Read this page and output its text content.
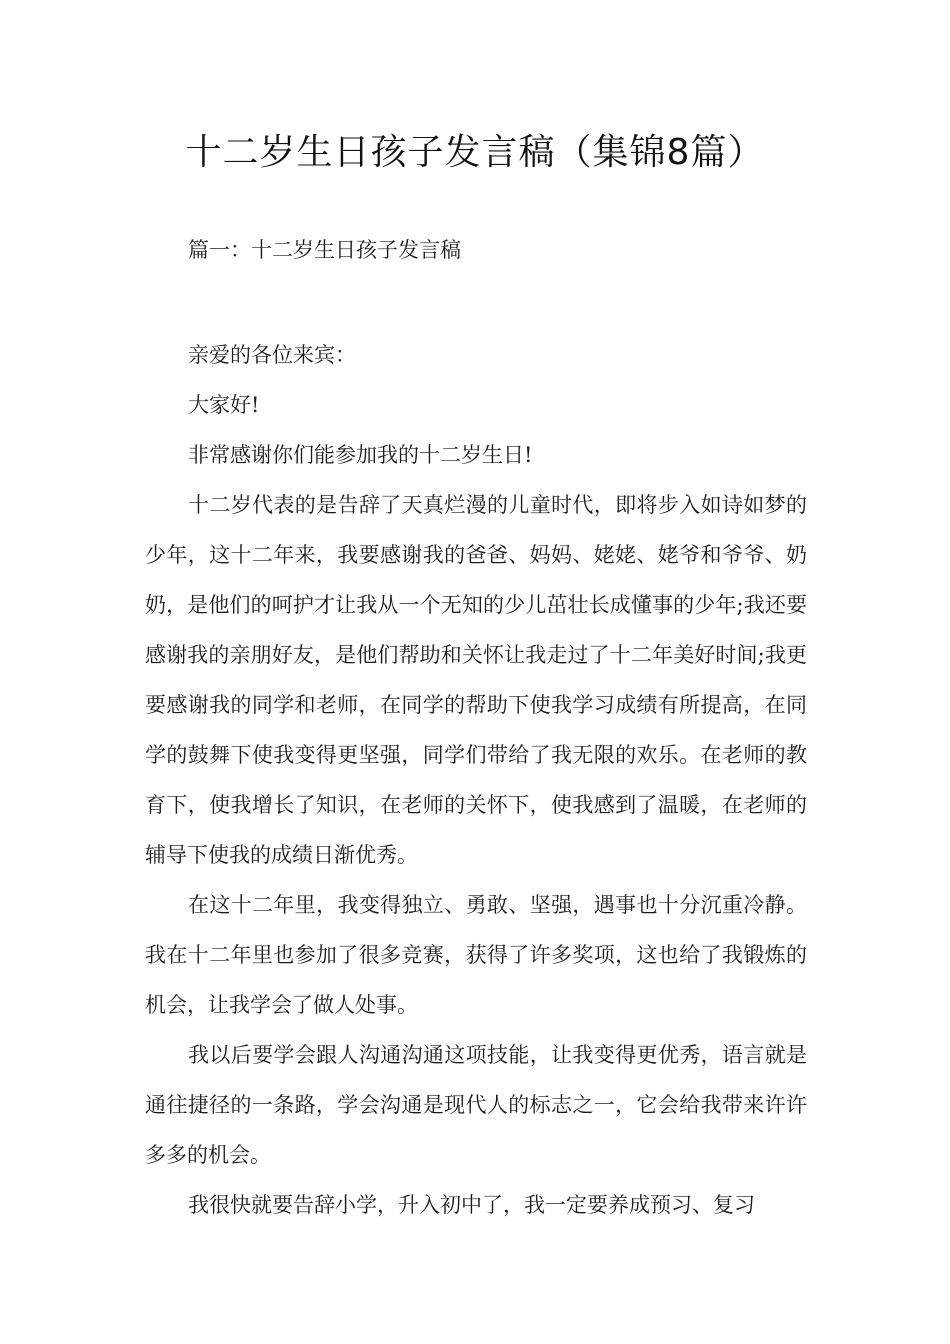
十二岁生日孩子发言稿（集锦8篇）
篇一：十二岁生日孩子发言稿

亲爱的各位来宾：

大家好!

非常感谢你们能参加我的十二岁生日!

十二岁代表的是告辞了天真烂漫的儿童时代，即将步入如诗如梦的少年，这十二年来，我要感谢我的爸爸、妈妈、姥姥、姥爷和爷爷、奶奶，是他们的呵护才让我从一个无知的少儿茁壮长成懂事的少年;我还要感谢我的亲朋好友，是他们帮助和关怀让我走过了十二年美好时间;我更要感谢我的同学和老师，在同学的帮助下使我学习成绩有所提高，在同学的鼓舞下使我变得更坚强，同学们带给了我无限的欢乐。在老师的教育下，使我增长了知识，在老师的关怀下，使我感到了温暖，在老师的辅导下使我的成绩日渐优秀。

在这十二年里，我变得独立、勇敢、坚强，遇事也十分沉重冷静。我在十二年里也参加了很多竞赛，获得了许多奖项，这也给了我锻炼的机会，让我学会了做人处事。

我以后要学会跟人沟通沟通这项技能，让我变得更优秀，语言就是通往捷径的一条路，学会沟通是现代人的标志之一，它会给我带来许许多多的机会。

我很快就要告辞小学，升入初中了，我一定要养成预习、复习
